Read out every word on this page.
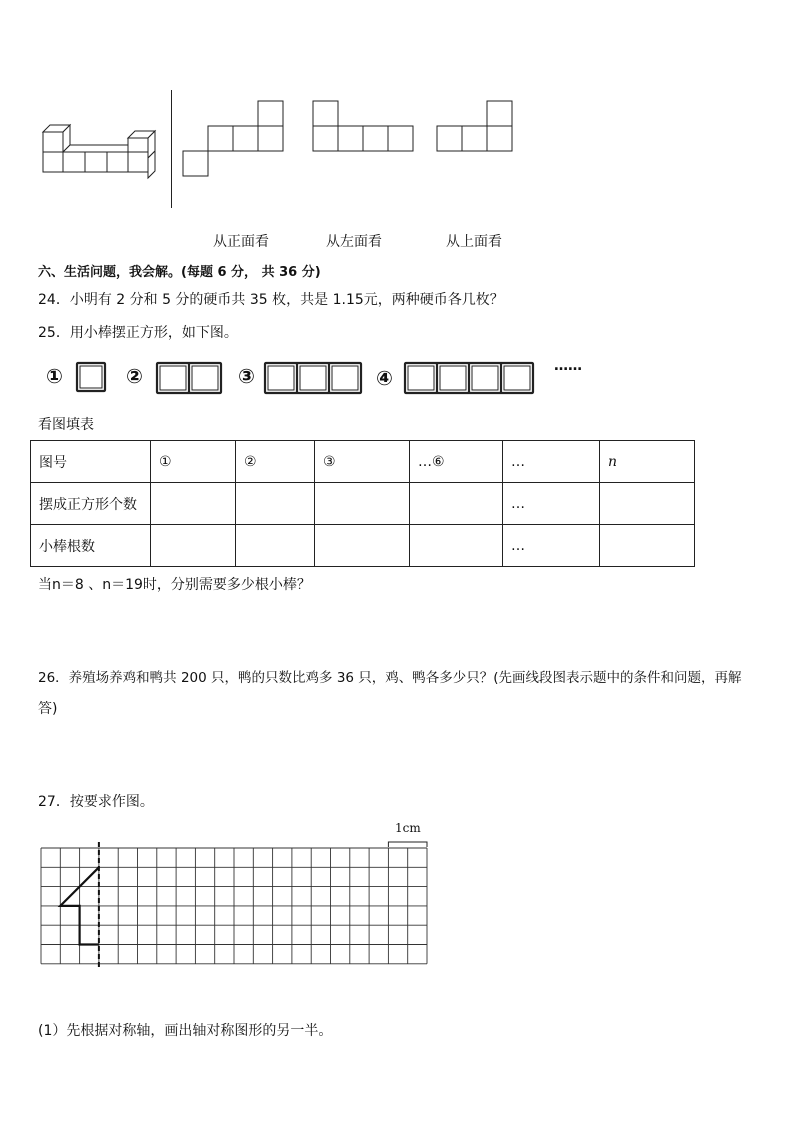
从正面看	从左面看	从上面看
六、生活问题，我会解。(每题 6 分， 共 36 分)
24．小明有 2 分和 5 分的硬币共 35 枚，共是 1.15元，两种硬币各几枚？
25．用小棒摆正方形，如下图。
①	②	③	④	……
看图填表
图号	①	②	③	…⑥	…	n
摆成正方形个数					…	
小棒根数					…	
当n＝8 、n＝19时，分别需要多少根小棒？
26．养殖场养鸡和鸭共 200 只，鸭的只数比鸡多 36 只，鸡、鸭各多少只？(先画线段图表示题中的条件和问题，再解
答)
27．按要求作图。
1cm
(1）先根据对称轴，画出轴对称图形的另一半。
